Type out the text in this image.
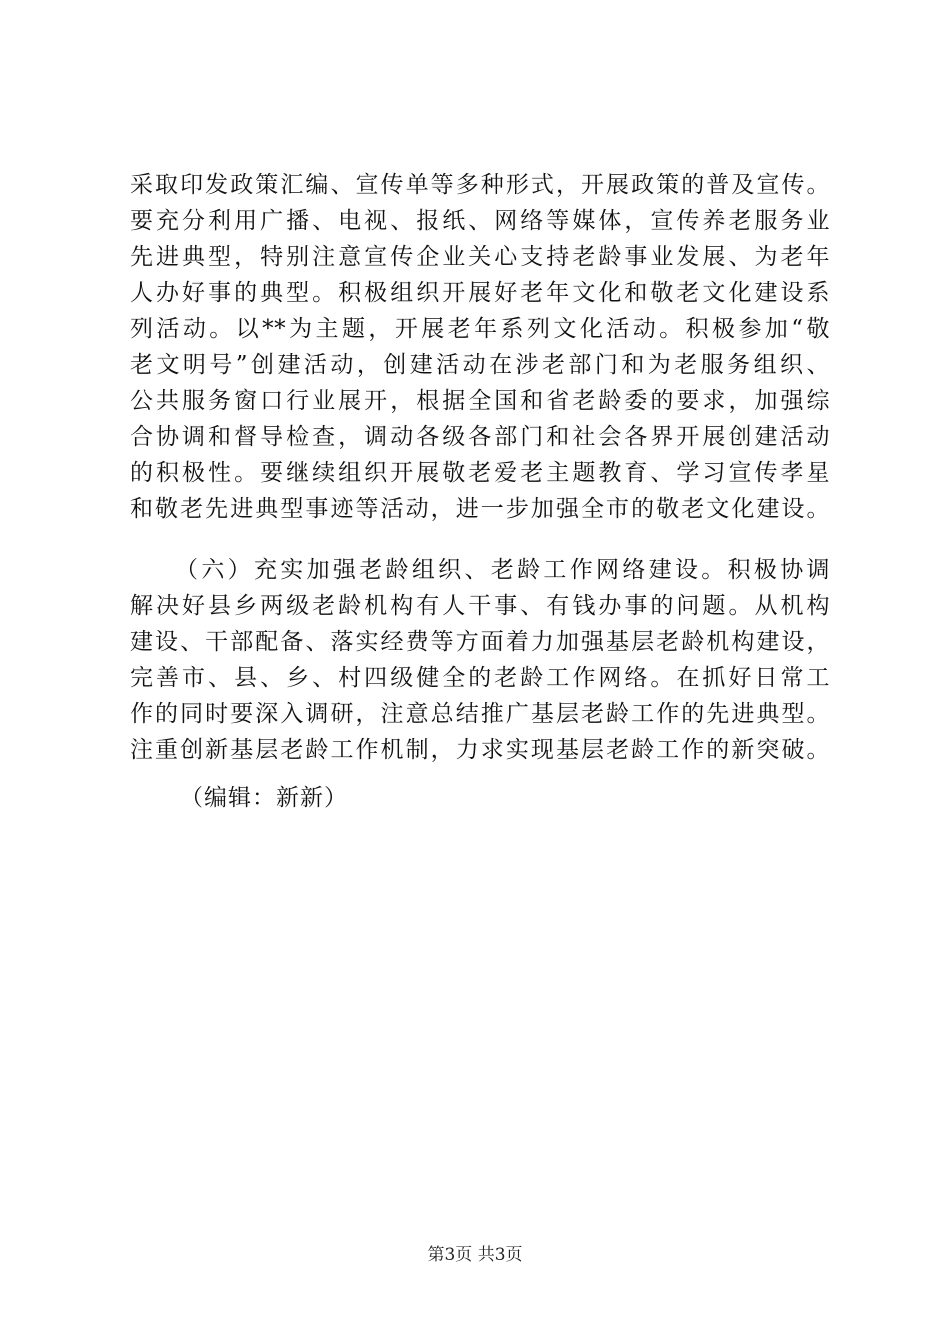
采取印发政策汇编、宣传单等多种形式，开展政策的普及宣传。
要充分利用广播、电视、报纸、网络等媒体，宣传养老服务业
先进典型，特别注意宣传企业关心支持老龄事业发展、为老年
人办好事的典型。积极组织开展好老年文化和敬老文化建设系
列活动。以**为主题，开展老年系列文化活动。积极参加“敬
老文明号”创建活动，创建活动在涉老部门和为老服务组织、
公共服务窗口行业展开，根据全国和省老龄委的要求，加强综
合协调和督导检查，调动各级各部门和社会各界开展创建活动
的积极性。要继续组织开展敬老爱老主题教育、学习宣传孝星
和敬老先进典型事迹等活动，进一步加强全市的敬老文化建设。
（六）充实加强老龄组织、老龄工作网络建设。积极协调
解决好县乡两级老龄机构有人干事、有钱办事的问题。从机构
建设、干部配备、落实经费等方面着力加强基层老龄机构建设，
完善市、县、乡、村四级健全的老龄工作网络。在抓好日常工
作的同时要深入调研，注意总结推广基层老龄工作的先进典型。
注重创新基层老龄工作机制，力求实现基层老龄工作的新突破。
（编辑：新新）
第3页 共3页
